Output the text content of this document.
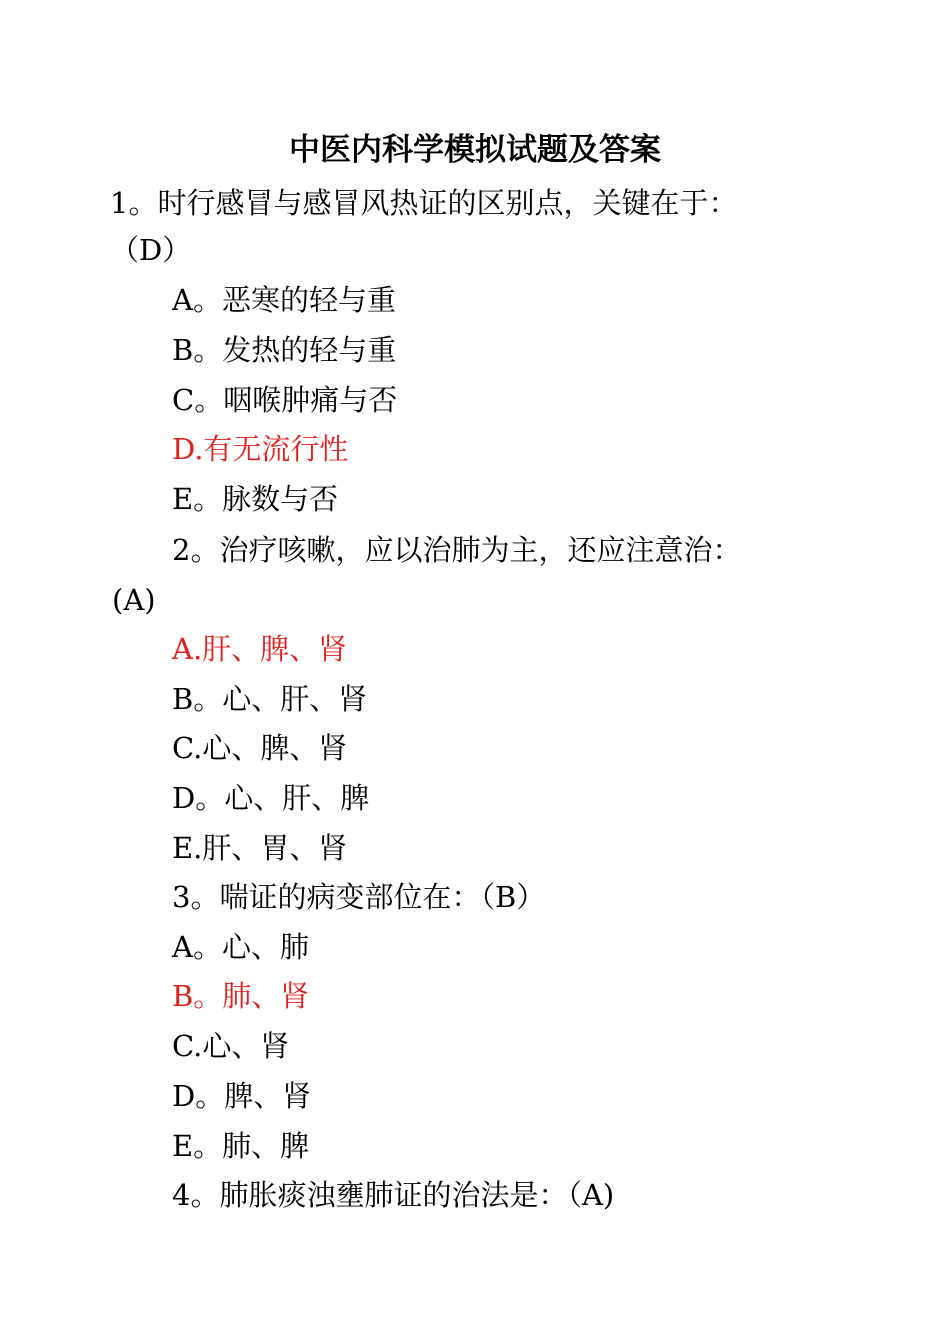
中医内科学模拟试题及答案
1。时行感冒与感冒风热证的区别点，关键在于：
（D）
A。恶寒的轻与重
B。发热的轻与重
C。咽喉肿痛与否
D.有无流行性
E。脉数与否
2。治疗咳嗽，应以治肺为主，还应注意治：
(A)
A.肝、脾、肾
B。心、肝、肾
C.心、脾、肾
D。心、肝、脾
E.肝、胃、肾
3。喘证的病变部位在：（B）
A。心、肺
B。肺、肾
C.心、肾
D。脾、肾
E。肺、脾
4。肺胀痰浊壅肺证的治法是：（A)
